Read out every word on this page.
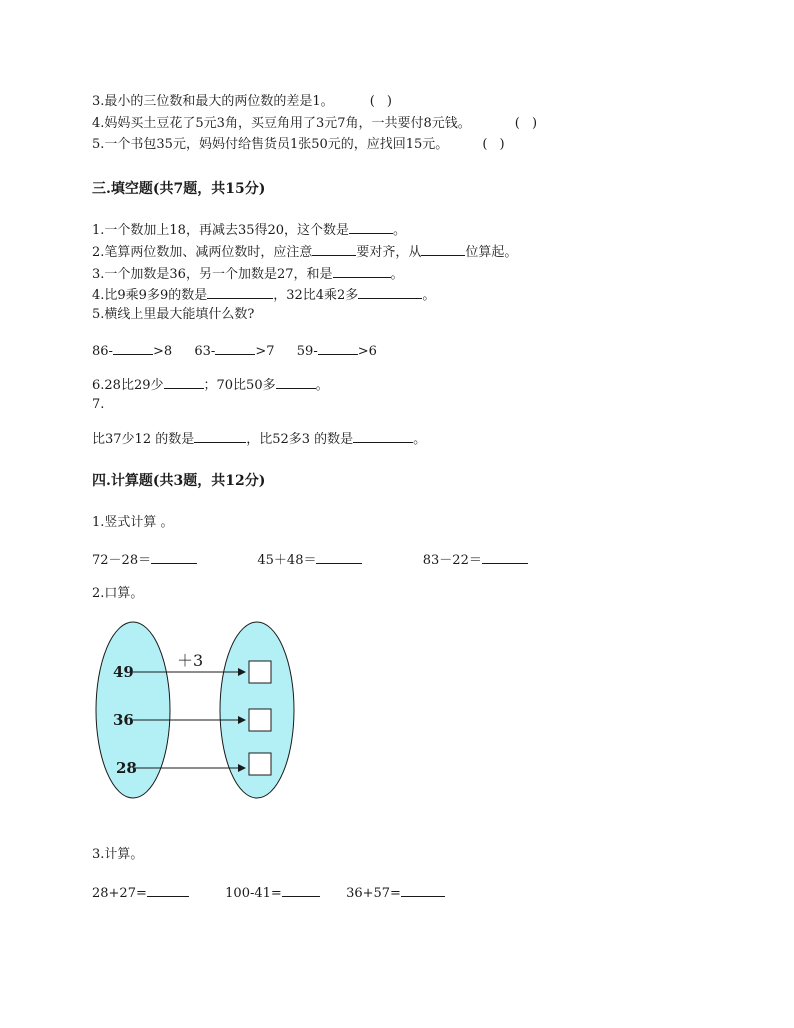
3.最小的三位数和最大的两位数的差是1。	( )
4.妈妈买土豆花了5元3角，买豆角用了3元7角，一共要付8元钱。	( )
5.一个书包35元，妈妈付给售货员1张50元的，应找回15元。	( )
三.填空题(共7题，共15分)
1.一个数加上18，再减去35得20，这个数是	。
2.笔算两位数加、减两位数时，应注意	要对齐，从	位算起。
3.一个加数是36，另一个加数是27，和是	。
4.比9乘9多9的数是	，32比4乘2多	。
5.横线上里最大能填什么数?
86-	>8 63-	>7 59-	>6
6.28比29少	；70比50多	。
7.
比37少12 的数是	，比52多3 的数是	。
四.计算题(共3题，共12分)
1.竖式计算 。
72－28＝	45＋48＝	83－22＝
2.口算。
＋3
49
36
28
3.计算。
28+27=	100-41=	36+57=
